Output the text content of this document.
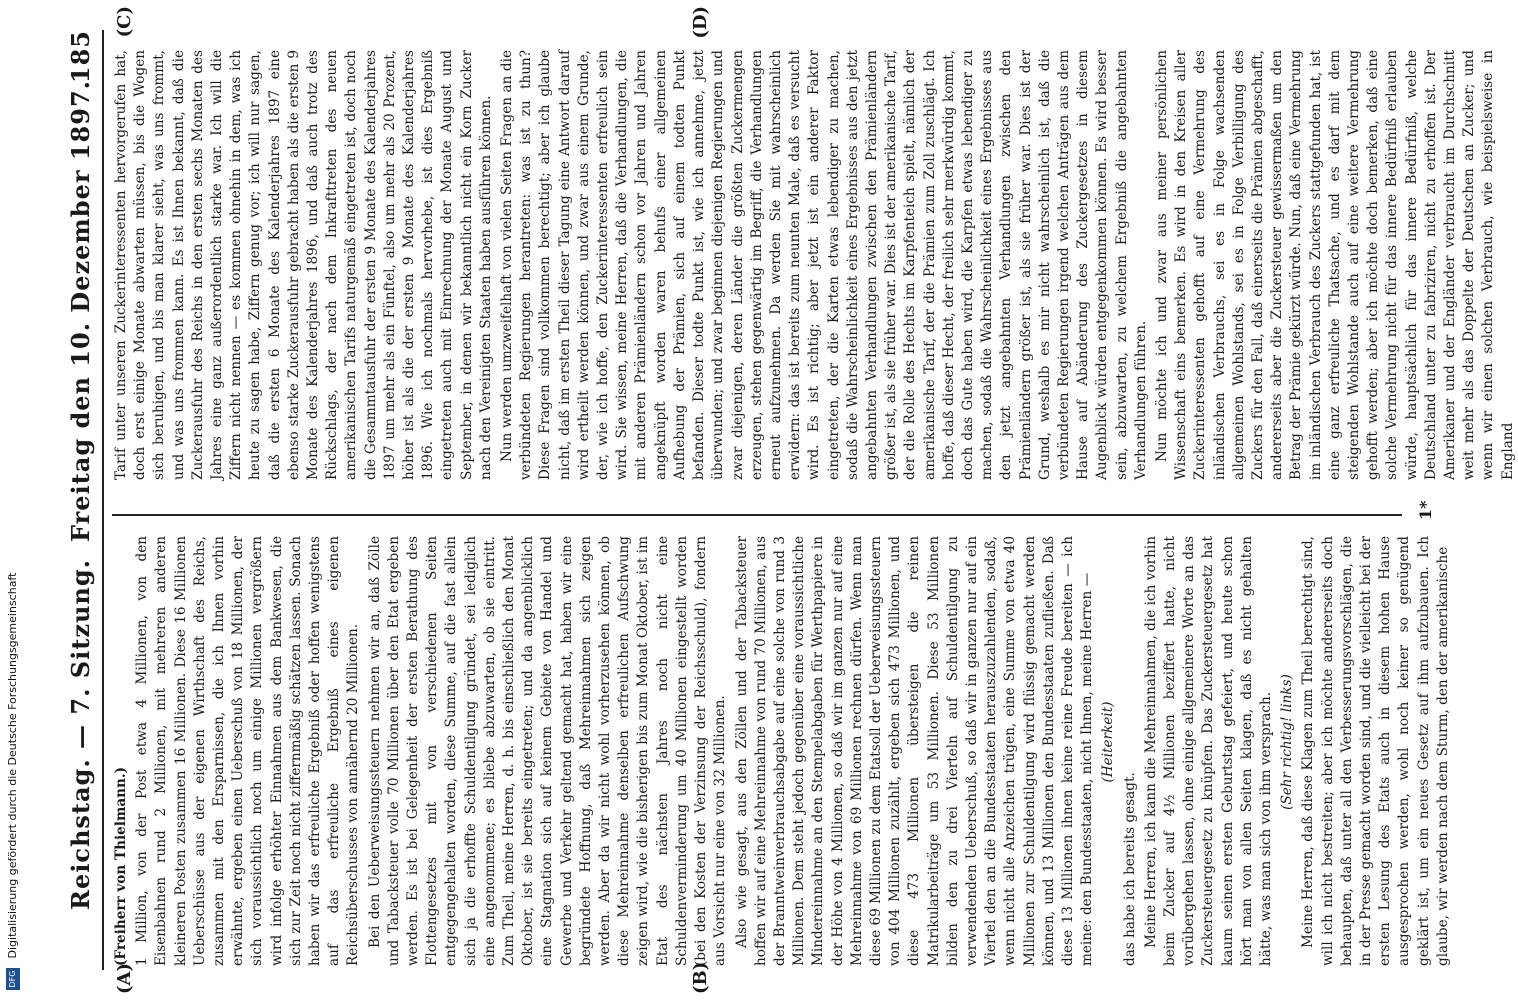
Reichstag. — 7. Sitzung.
Freitag den 10. Dezember 1897.
185
(A)	(B)
(C)	(D)

(Freiherr von Thielmann.) 1 Million, von der Post etwa 4 Millionen, von den Eisenbahnen rund 2 Millionen, mit mehreren anderen kleineren Posten zusammen 16 Millionen. Diese 16 Millionen Ueberschüsse aus der eigenen Wirthschaft des Reichs, zusammen mit den Ersparnissen, die ich Ihnen vorhin erwähnte, ergeben einen Ueberschuß von 18 Millionen, der sich voraussichtlich noch um einige Millionen vergrößern wird infolge erhöhter Einnahmen aus dem Bankwesen, die sich zur Zeit noch nicht ziffernmäßig schätzen lassen. Sonach haben wir das erfreuliche Ergebniß oder hoffen wenigstens auf das erfreuliche Ergebniß eines eigenen Reichsüberschusses von annähernd 20 Millionen. Bei den Ueberweisungssteuern nehmen wir an, daß Zölle und Tabacksteuer volle 70 Millionen über den Etat ergeben werden. Es ist bei Gelegenheit der ersten Berathung des Flottengesetzes mit von verschiedenen Seiten entgegengehalten worden, diese Summe, auf die fast allein sich ja die erhoffte Schuldentilgung gründet, sei lediglich eine angenommene; es bliebe abzuwarten, ob sie eintritt. Zum Theil, meine Herren, d. h. bis einschließlich den Monat Oktober, ist sie bereits eingetreten; und da angenblicklich eine Stagnation sich auf keinem Gebiete von Handel und Gewerbe und Verkehr geltend gemacht hat, haben wir eine begründete Hoffnung, daß Mehreinnahmen sich zeigen werden. Aber da wir nicht wohl vorherzusehen können, ob diese Mehreinnahme denselben erfreulichen Aufschwung zeigen wird, wie die bisherigen bis zum Monat Oktober, ist im Etat des nächsten Jahres noch nicht eine Schuldenverminderung um 40 Millionen eingestellt worden (bei den Kosten der Verzinsung der Reichsschuld), fondern aus Vorsicht nur eine von 32 Millionen. Also wie gesagt, aus den Zöllen und der Tabacksteuer hoffen wir auf eine Mehreinnahme von rund 70 Millionen, aus der Branntweinverbrauchsabgabe auf eine solche von rund 3 Millionen. Dem steht jedoch gegenüber eine voraussichtliche Mindereinnahme an den Stempelabgaben für Werthpapiere in der Höhe von 4 Millionen, so daß wir im ganzen nur auf eine Mehreinnahme von 69 Millionen rechnen dürfen. Wenn man diese 69 Millionen zu dem Etatsoll der Ueberweisungssteuern von 404 Millionen zuzählt, ergeben sich 473 Millionen, und diese 473 Millionen übersteigen die reinen Matrikularbeiträge um 53 Millionen. Diese 53 Millionen bilden den zu drei Vierteln auf Schuldentilgung zu verwendenden Ueberschuß, so daß wir in ganzen nur auf ein Viertel den an die Bundesstaaten herauszuzahlenden, sodaß, wenn nicht alle Anzeichen trügen, eine Summe von etwa 40 Millionen zur Schuldentilgung wird flüssig gemacht werden können, und 13 Millionen den Bundesstaaten zufließen. Daß diese 13 Millionen ihnen keine reine Freude bereiten — ich meine: den Bundesstaaten, nicht Ihnen, meine Herren — (Heiterkeit)

das habe ich bereits gesagt. Meine Herren, ich kann die Mehreinnahmen, die ich vorhin beim Zucker auf 4½ Millionen beziffert hatte, nicht vorübergehen lassen, ohne einige allgemeinere Worte an das Zuckersteuergesetz zu knüpfen. Das Zuckersteuergesetz hat kaum seinen ersten Geburtstag gefeiert, und heute schon hört man von allen Seiten klagen, daß es nicht gehalten hätte, was man sich von ihm versprach. (Sehr richtig! links) Meine Herren, daß diese Klagen zum Theil berechtigt sind, will ich nicht bestreiten; aber ich möchte andererseits doch behaupten, daß unter all den Verbesserungsvorschlägen, die in der Presse gemacht worden sind, und die vielleicht bei der ersten Lesung des Etats auch in diesem hohen Hause ausgesprochen werden, wohl noch keiner so genügend geklärt ist, um ein neues Gesetz auf ihm aufzubauen. Ich glaube, wir werden nach dem Sturm, den der amerikanische

Tarif unter unseren Zuckerinteressenten hervorgerufen hat, doch erst einige Monate abwarten müssen, bis die Wogen sich beruhigen, und bis man klarer sieht, was uns frommt, und was uns frommen kann. Es ist Ihnen bekannt, daß die Zuckerausfuhr des Reichs in den ersten sechs Monaten des Jahres eine ganz außerordentlich starke war. Ich will die Ziffern nicht nennen — es kommen ohnehin in dem, was ich heute zu sagen habe, Ziffern genug vor; ich will nur sagen, daß die ersten 6 Monate des Kalenderjahres 1897 eine ebenso starke Zuckerausfuhr gebracht haben als die ersten 9 Monate des Kalenderjahres 1896, und daß auch trotz des Rückschlags, der nach dem Inkrafttreten des neuen amerikanischen Tarifs naturgemäß eingetreten ist, doch noch die Gesammtausfuhr der ersten 9 Monate des Kalenderjahres 1897 um mehr als ein Fünftel, also um mehr als 20 Prozent, höher ist als die der ersten 9 Monate des Kalenderjahres 1896. Wie ich nochmals hervorhebe, ist dies Ergebniß eingetreten auch mit Einrechnung der Monate August und September, in denen wir bekanntlich nicht ein Korn Zucker nach den Vereinigten Staaten haben ausführen können. Nun werden umzweifelhaft von vielen Seiten Fragen an die verbündeten Regierungen herantreten: was ist zu thun? Diese Fragen sind vollkommen berechtigt; aber ich glaube nicht, daß im ersten Theil dieser Tagung eine Antwort darauf wird ertheilt werden können, und zwar aus einem Grunde, der, wie ich hoffe, den Zuckerinteressenten erfreulich sein wird. Sie wissen, meine Herren, daß die Verhandlungen, die mit anderen Prämienländern schon vor Jahren und Jahren angeknüpft worden waren behufs einer allgemeinen Aufhebung der Prämien, sich auf einem todten Punkt befanden. Dieser todte Punkt ist, wie ich annehme, jetzt überwunden; und zwar beginnen diejenigen Regierungen und zwar diejenigen, deren Länder die größten Zuckermengen erzeugen, stehen gegenwärtig im Begriff, die Verhandlungen erneut aufzunehmen. Da werden Sie mit wahrscheinlich erwidern: das ist bereits zum neunten Male, daß es versucht wird. Es ist richtig; aber jetzt ist ein anderer Faktor eingetreten, der die Karten etwas lebendiger zu machen, sodaß die Wahrscheinlichkeit eines Ergebnisses aus den jetzt angebahnten Verhandlungen zwischen den Prämienländern größer ist, als sie früher war. Dies ist der amerikanische Tarif, der die Rolle des Hechts im Karpfenteich spielt, nämlich der amerikanische Tarif, der die Prämien zum Zoll zuschlägt. Ich hoffe, daß dieser Hecht, der freilich sehr merkwürdig kommt, doch das Gute haben wird, die Karpfen etwas lebendiger zu machen, sodaß die Wahrscheinlichkeit eines Ergebnisses aus den jetzt angebahnten Verhandlungen zwischen den Prämienländern größer ist, als sie früher war. Dies ist der Grund, weshalb es mir nicht wahrscheinlich ist, daß die verbündeten Regierungen irgend welchen Anträgen aus dem Hause auf Abänderung des Zuckergesetzes in diesem Augenblick würden entgegenkommen können. Es wird besser sein, abzuwarten, zu welchem Ergebniß die angebahnten Verhandlungen führen. Nun möchte ich und zwar aus meiner persönlichen Wissenschaft eins bemerken. Es wird in den Kreisen aller Zuckerinteressenten gehofft auf eine Vermehrung des inländischen Verbrauchs, sei es in Folge wachsenden allgemeinen Wohlstands, sei es in Folge Verbilligung des Zuckers für den Fall, daß einerseits die Prämien abgeschafft, andererseits aber die Zuckersteuer gewissermaßen um den Betrag der Prämie gekürzt würde. Nun, daß eine Vermehrung im inländischen Verbrauch des Zuckers stattgefunden hat, ist eine ganz erfreuliche Thatsache, und es darf mit dem steigenden Wohlstande auch auf eine weitere Vermehrung gehofft werden; aber ich möchte doch bemerken, daß eine solche Vermehrung nicht für das innere Bedürfniß erlauben würde, hauptsächlich für das innere Bedürfniß, welche Deutschland unter zu fabriziren, nicht zu erhoffen ist. Der Amerikaner und der Engländer verbraucht im Durchschnitt weit mehr als das Doppelte der Deutschen an Zucker; und wenn wir einen solchen Verbrauch, wie beispielsweise in England

1*
DFG Digitalisierung gefördert durch die Deutsche Forschungsgemeinschaft
